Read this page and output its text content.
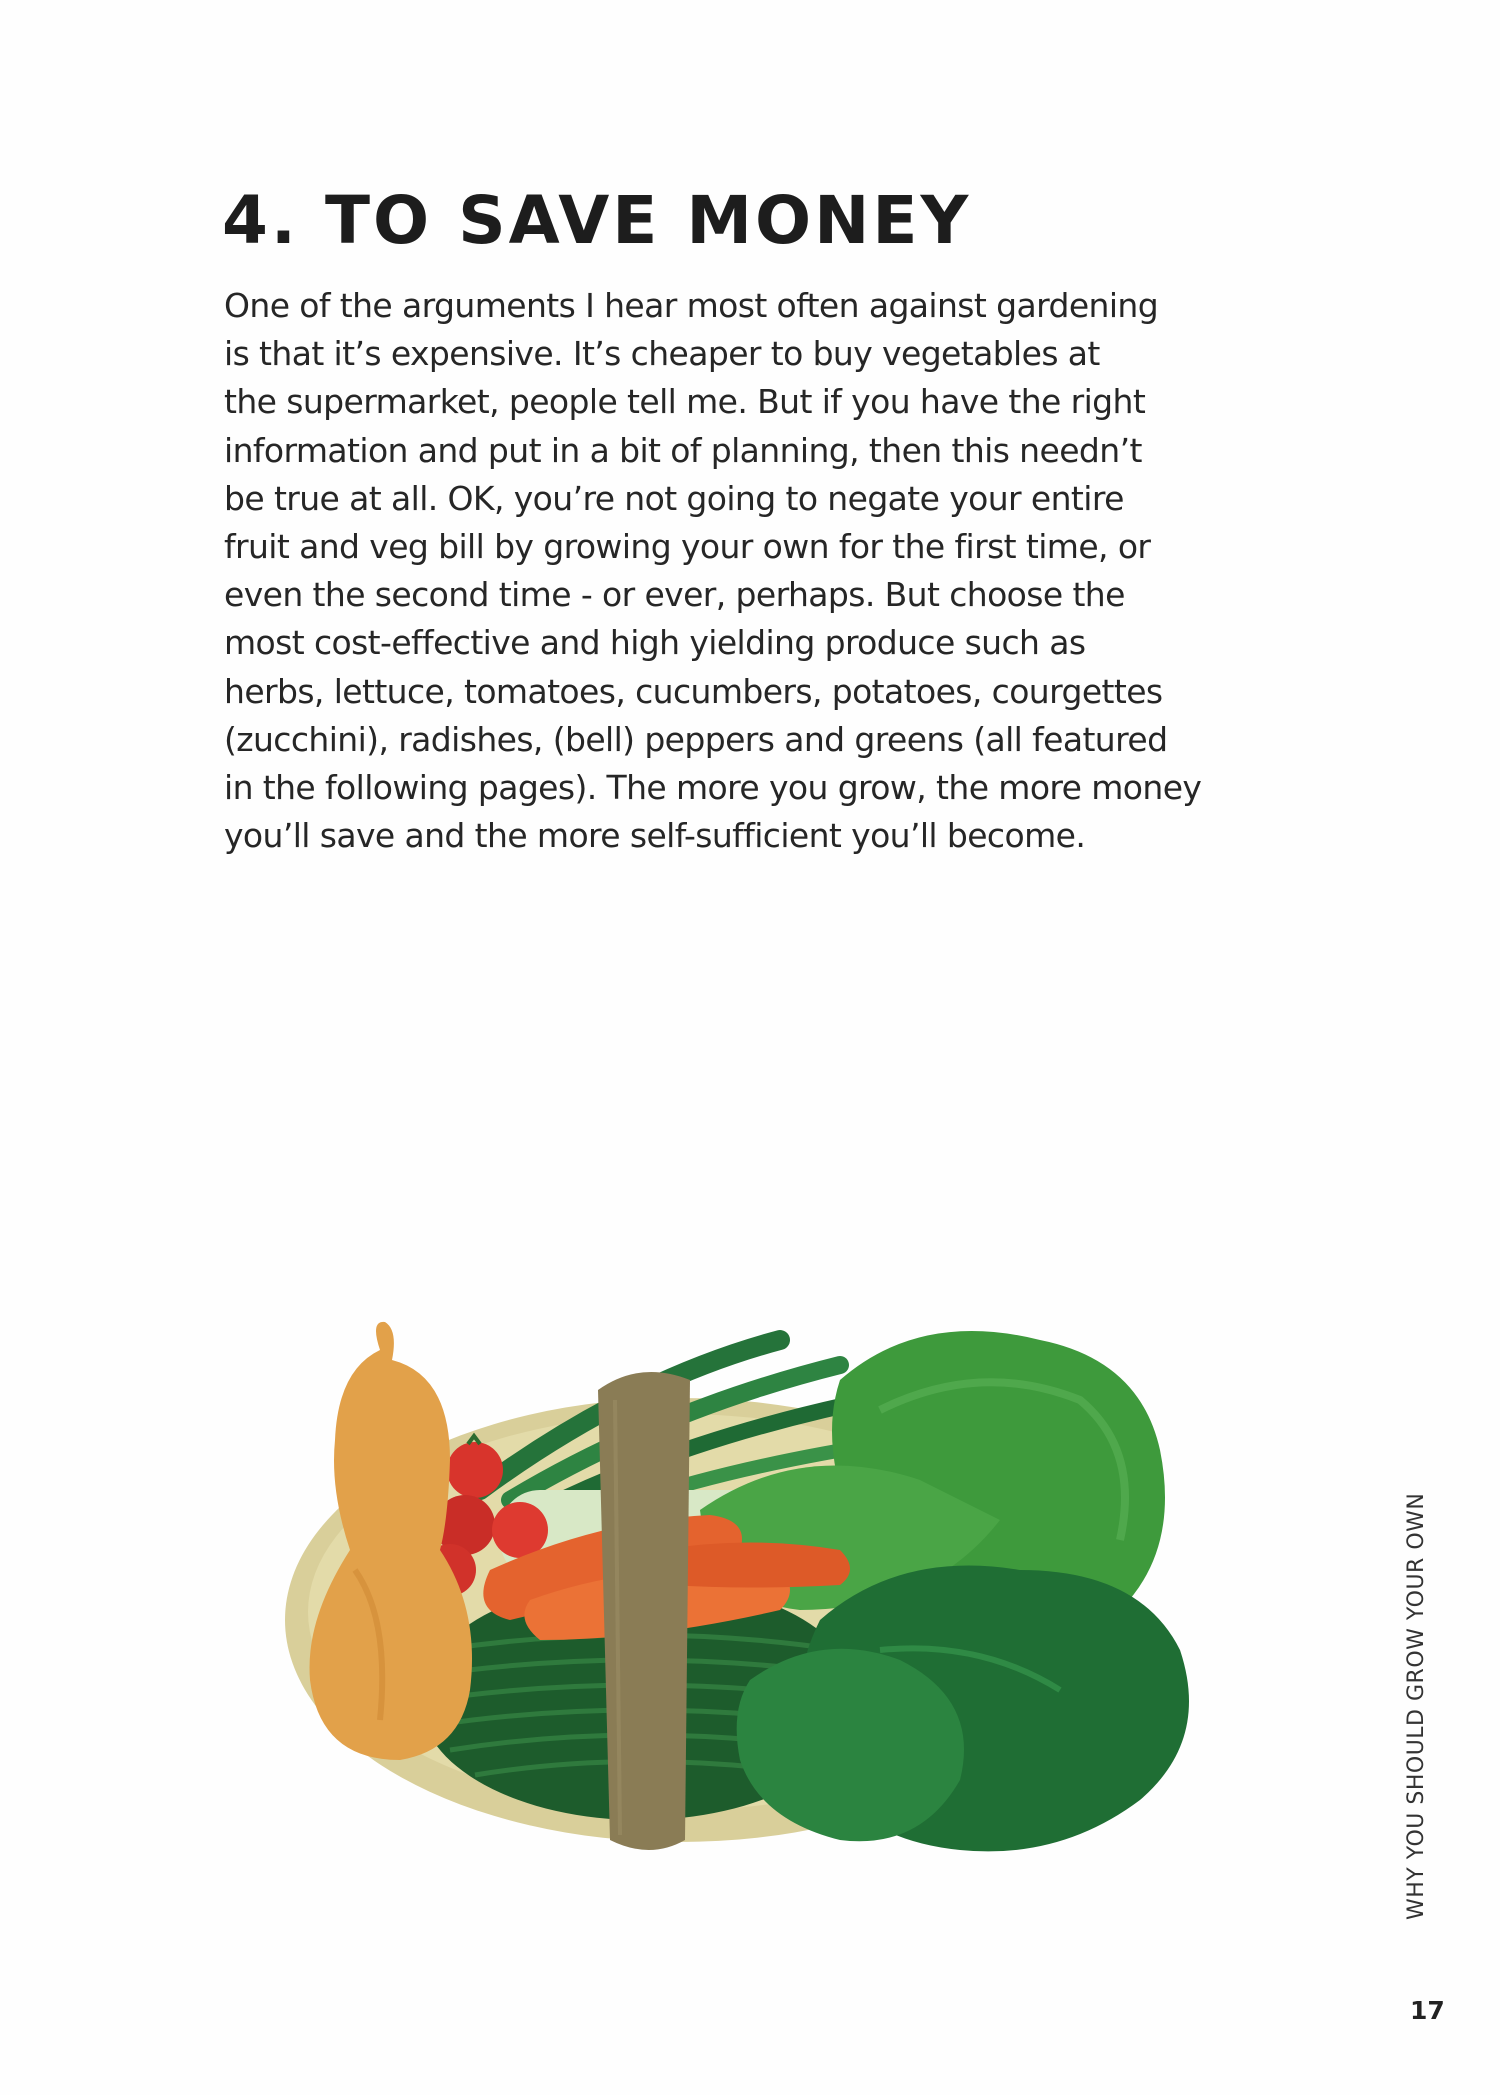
4. TO SAVE MONEY
One of the arguments I hear most often against gardening
is that it’s expensive. It’s cheaper to buy vegetables at
the supermarket, people tell me. But if you have the right
information and put in a bit of planning, then this needn’t
be true at all. OK, you’re not going to negate your entire
fruit and veg bill by growing your own for the first time, or
even the second time - or ever, perhaps. But choose the
most cost-effective and high yielding produce such as
herbs, lettuce, tomatoes, cucumbers, potatoes, courgettes
(zucchini), radishes, (bell) peppers and greens (all featured
in the following pages). The more you grow, the more money
you’ll save and the more self-sufficient you’ll become.
WHY YOU SHOULD GROW YOUR OWN
17
